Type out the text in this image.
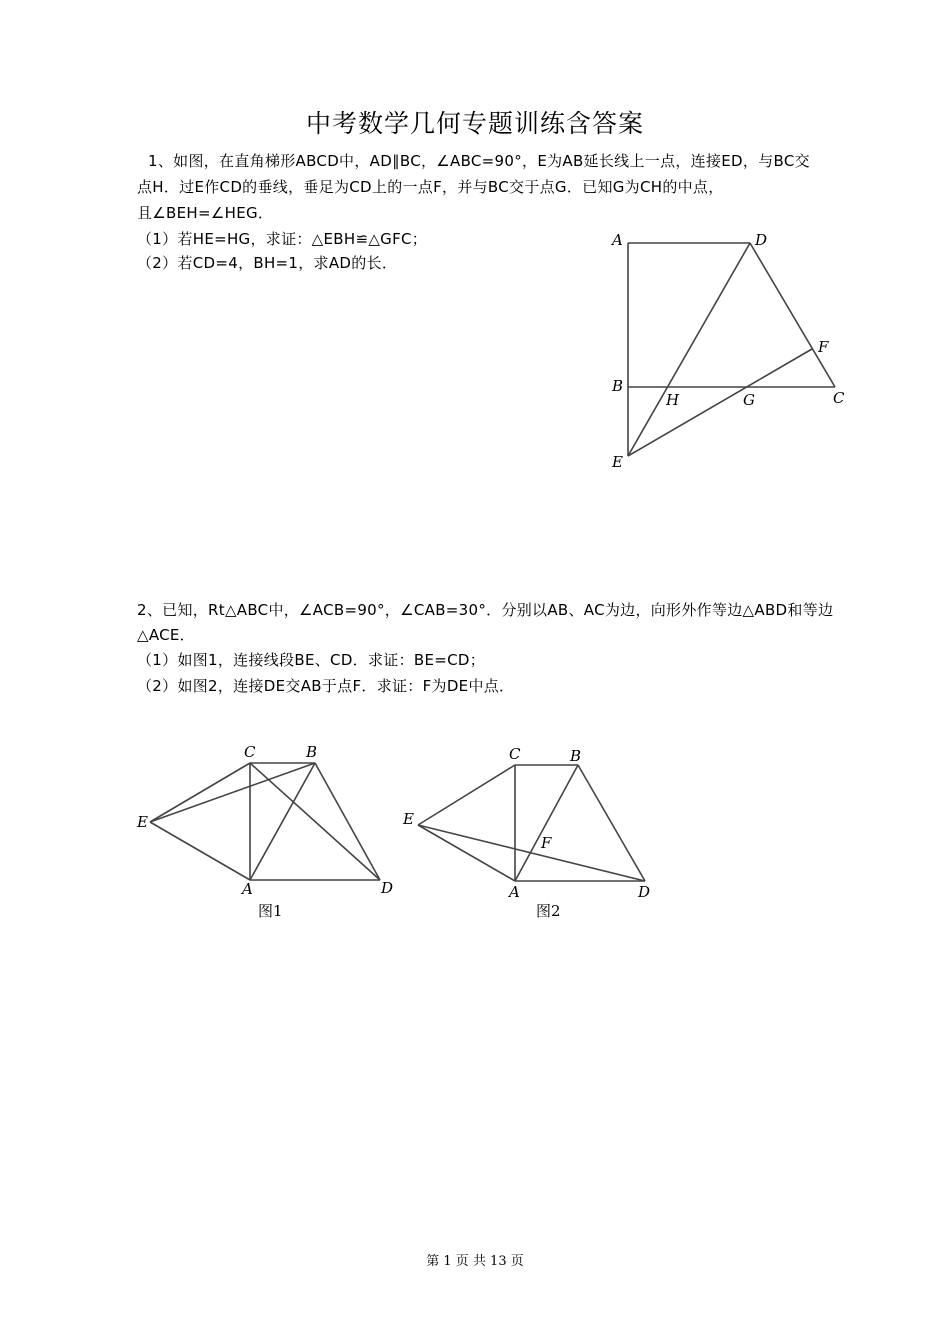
中考数学几何专题训练含答案
1、如图，在直角梯形ABCD中，AD∥BC，∠ABC=90°，E为AB延长线上一点，连接ED，与BC交
点H．过E作CD的垂线，垂足为CD上的一点F，并与BC交于点G．已知G为CH的中点，
且∠BEH=∠HEG．
（1）若HE=HG，求证：△EBH≌△GFC；
（2）若CD=4，BH=1，求AD的长．
A	D
F
B
H	G	C
E
2、已知，Rt△ABC中，∠ACB=90°，∠CAB=30°．分别以AB、AC为边，向形外作等边△ABD和等边
△ACE．
（1）如图1，连接线段BE、CD．求证：BE=CD；
（2）如图2，连接DE交AB于点F．求证：F为DE中点．
C	B
E
A	D
图1
C	B
E
F
A	D
图2
第 1 页 共 13 页
